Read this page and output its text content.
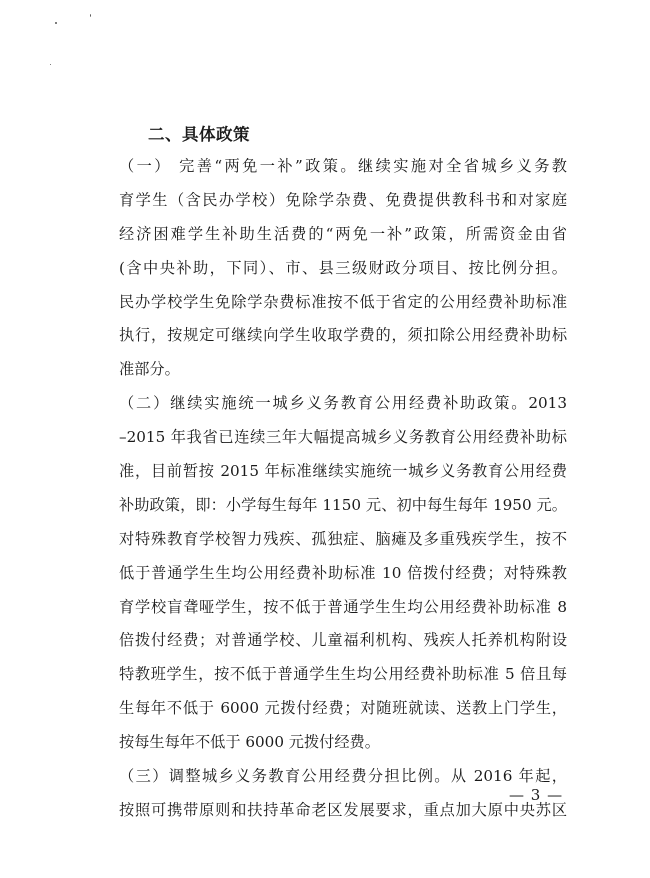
二、具体政策
（一） 完善“两免一补”政策。继续实施对全省城乡义务教
育学生（含民办学校）免除学杂费、免费提供教科书和对家庭
经济困难学生补助生活费的“两免一补”政策，所需资金由省
(含中央补助，下同）、市、县三级财政分项目、按比例分担。
民办学校学生免除学杂费标准按不低于省定的公用经费补助标准
执行，按规定可继续向学生收取学费的，须扣除公用经费补助标
准部分。
（二）继续实施统一城乡义务教育公用经费补助政策。2013
–2015 年我省已连续三年大幅提高城乡义务教育公用经费补助标
准，目前暂按 2015 年标准继续实施统一城乡义务教育公用经费
补助政策，即：小学每生每年 1150 元、初中每生每年 1950 元。
对特殊教育学校智力残疾、孤独症、脑瘫及多重残疾学生，按不
低于普通学生生均公用经费补助标准 10 倍拨付经费；对特殊教
育学校盲聋哑学生，按不低于普通学生生均公用经费补助标准 8
倍拨付经费；对普通学校、儿童福利机构、残疾人托养机构附设
特教班学生，按不低于普通学生生均公用经费补助标准 5 倍且每
生每年不低于 6000 元拨付经费；对随班就读、送教上门学生，
按每生每年不低于 6000 元拨付经费。
（三）调整城乡义务教育公用经费分担比例。从 2016 年起，
按照可携带原则和扶持革命老区发展要求，重点加大原中央苏区
— 3 —
